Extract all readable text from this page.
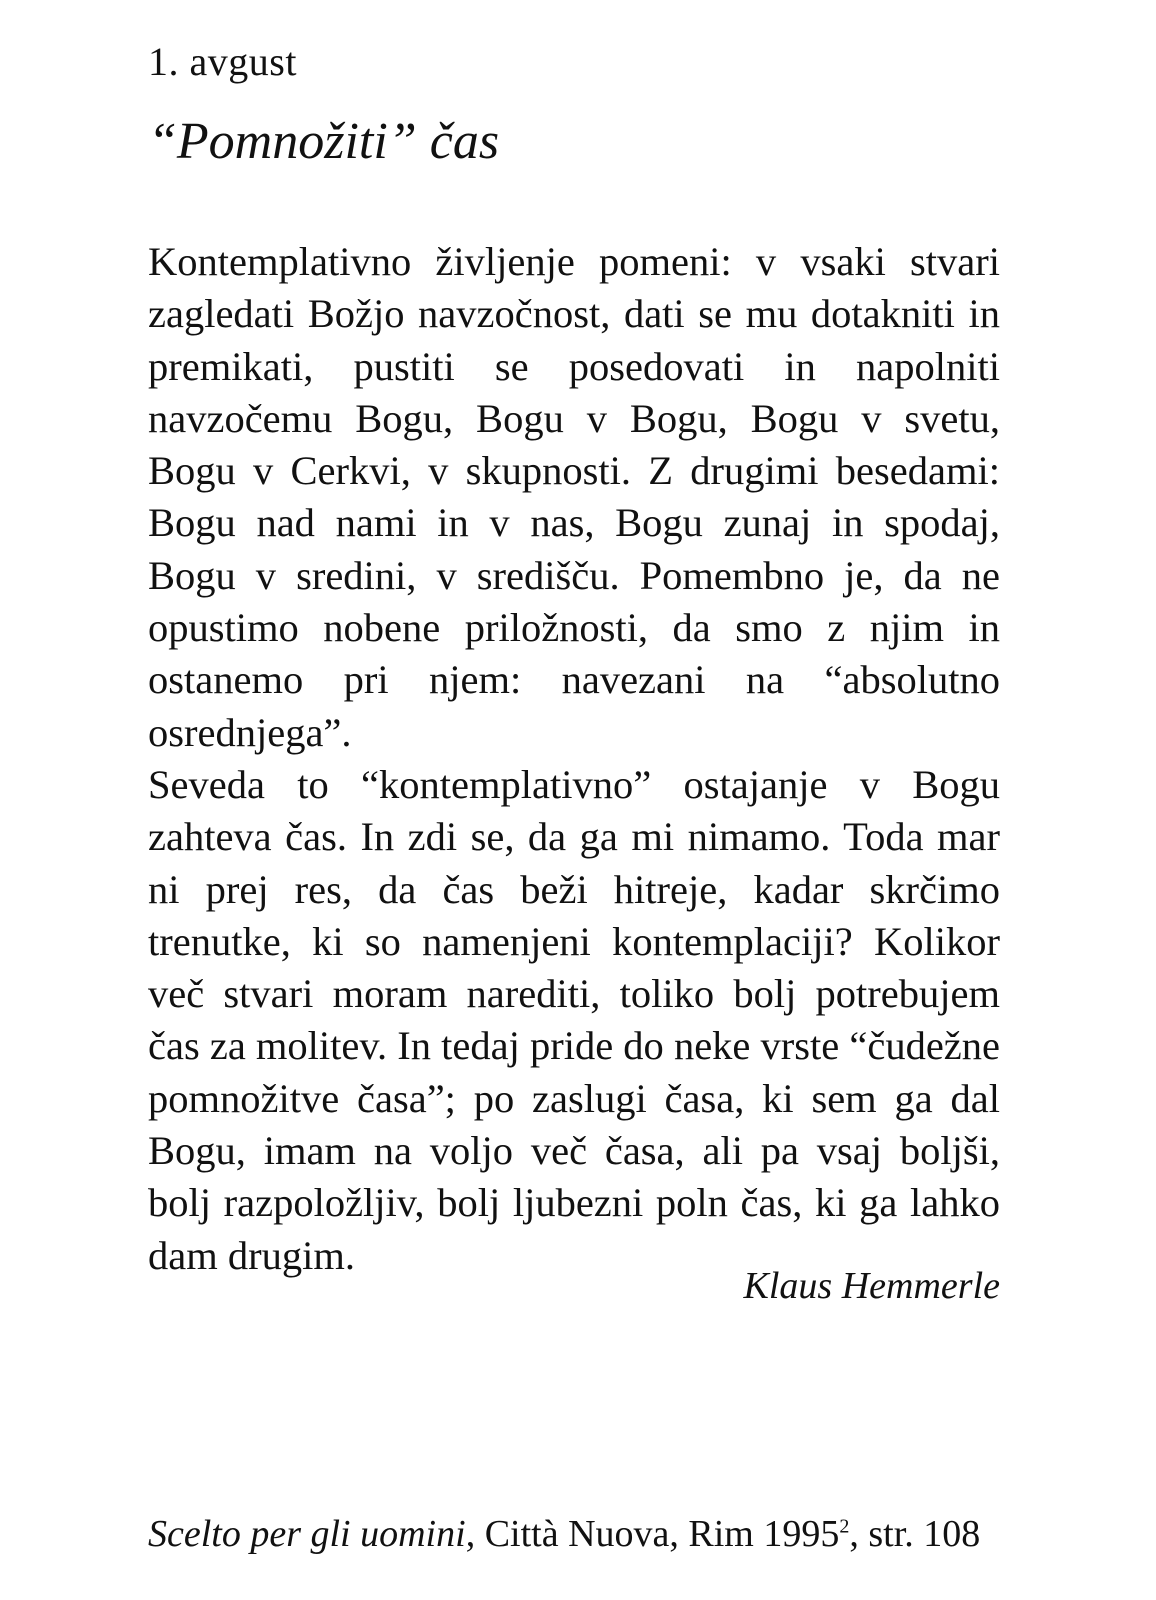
1. avgust
“Pomnožiti” čas

Kontemplativno življenje pomeni: v vsaki stvari zagledati Božjo navzočnost, dati se mu dotakniti in premikati, pustiti se posedovati in napolniti navzočemu Bogu, Bogu v Bogu, Bogu v svetu, Bogu v Cerkvi, v skupnosti. Z drugimi besedami: Bogu nad nami in v nas, Bogu zunaj in spodaj, Bogu v sredini, v središču. Pomembno je, da ne opustimo nobene priložnosti, da smo z njim in ostanemo pri njem: navezani na “absolutno osrednjega”.

Seveda to “kontemplativno” ostajanje v Bogu zahteva čas. In zdi se, da ga mi nimamo. Toda mar ni prej res, da čas beži hitreje, kadar skrčimo trenutke, ki so namenjeni kontemplaciji? Kolikor več stvari moram narediti, toliko bolj potrebujem čas za molitev. In tedaj pride do neke vrste “čudežne pomnožitve časa”; po zaslugi časa, ki sem ga dal Bogu, imam na voljo več časa, ali pa vsaj boljši, bolj razpoložljiv, bolj ljubezni poln čas, ki ga lahko dam drugim.

Klaus Hemmerle
Scelto per gli uomini, Città Nuova, Rim 1995$^2$, str. 108
